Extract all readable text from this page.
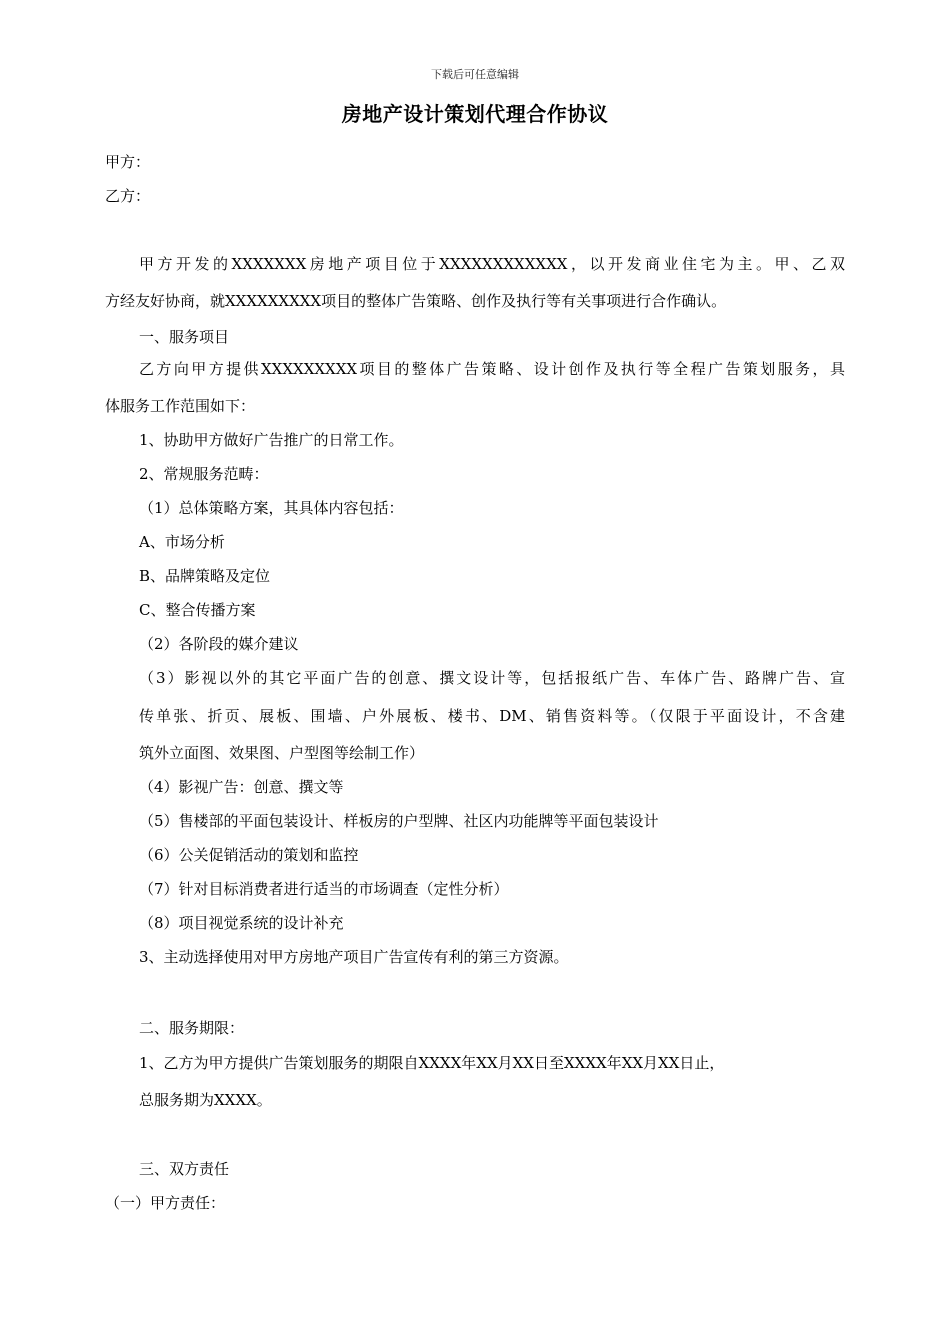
下载后可任意编辑
房地产设计策划代理合作协议
甲方：
乙方：
甲方开发的XXXXXXX房地产项目位于XXXXXXXXXXXX，以开发商业住宅为主。甲、乙双
方经友好协商，就XXXXXXXXX项目的整体广告策略、创作及执行等有关事项进行合作确认。
一、服务项目
乙方向甲方提供XXXXXXXXX项目的整体广告策略、设计创作及执行等全程广告策划服务，具
体服务工作范围如下：
1、协助甲方做好广告推广的日常工作。
2、常规服务范畴：
（1）总体策略方案，其具体内容包括：
A、市场分析
B、品牌策略及定位
C、整合传播方案
（2）各阶段的媒介建议
（3）影视以外的其它平面广告的创意、撰文设计等，包括报纸广告、车体广告、路牌广告、宣
传单张、折页、展板、围墙、户外展板、楼书、DM、销售资料等。（仅限于平面设计，不含建
筑外立面图、效果图、户型图等绘制工作）
（4）影视广告：创意、撰文等
（5）售楼部的平面包装设计、样板房的户型牌、社区内功能牌等平面包装设计
（6）公关促销活动的策划和监控
（7）针对目标消费者进行适当的市场调查（定性分析）
（8）项目视觉系统的设计补充
3、主动选择使用对甲方房地产项目广告宣传有利的第三方资源。
二、服务期限：
1、乙方为甲方提供广告策划服务的期限自XXXX年XX月XX日至XXXX年XX月XX日止，
总服务期为XXXX。
三、双方责任
（一）甲方责任：
